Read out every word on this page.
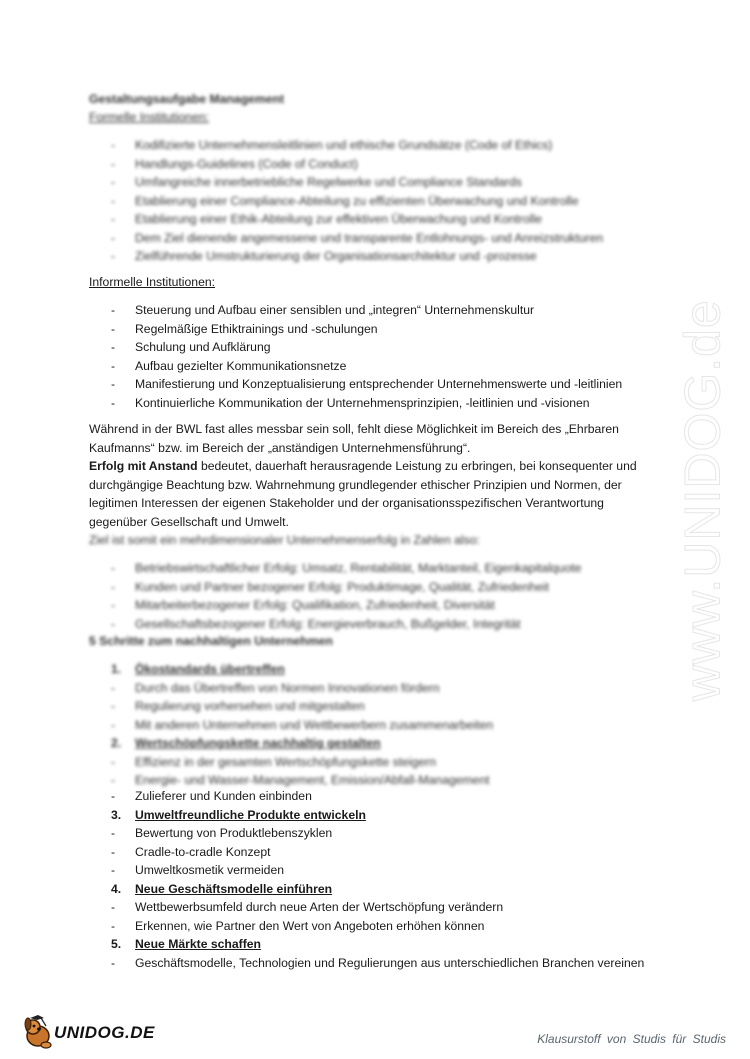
www.UNIDOG.de
Gestaltungsaufgabe Management
Formelle Institutionen:
- Kodifizierte Unternehmensleitlinien und ethische Grundsätze (Code of Ethics)
- Handlungs-Guidelines (Code of Conduct)
- Umfangreiche innerbetriebliche Regelwerke und Compliance Standards
- Etablierung einer Compliance-Abteilung zu effizienten Überwachung und Kontrolle
- Etablierung einer Ethik-Abteilung zur effektiven Überwachung und Kontrolle
- Dem Ziel dienende angemessene und transparente Entlohnungs- und Anreizstrukturen
- Zielführende Umstrukturierung der Organisationsarchitektur und -prozesse
Informelle Institutionen:
- Steuerung und Aufbau einer sensiblen und „integren“ Unternehmenskultur
- Regelmäßige Ethiktrainings und -schulungen
- Schulung und Aufklärung
- Aufbau gezielter Kommunikationsnetze
- Manifestierung und Konzeptualisierung entsprechender Unternehmenswerte und -leitlinien
- Kontinuierliche Kommunikation der Unternehmensprinzipien, -leitlinien und -visionen

Während in der BWL fast alles messbar sein soll, fehlt diese Möglichkeit im Bereich des „Ehrbaren Kaufmanns“ bzw. im Bereich der „anständigen Unternehmensführung“.

Erfolg mit Anstand bedeutet, dauerhaft herausragende Leistung zu erbringen, bei konsequenter und durchgängige Beachtung bzw. Wahrnehmung grundlegender ethischer Prinzipien und Normen, der legitimen Interessen der eigenen Stakeholder und der organisationsspezifischen Verantwortung gegenüber Gesellschaft und Umwelt.

Ziel ist somit ein mehrdimensionaler Unternehmenserfolg in Zahlen also:
- Betriebswirtschaftlicher Erfolg: Umsatz, Rentabilität, Marktanteil, Eigenkapitalquote
- Kunden und Partner bezogener Erfolg: Produktimage, Qualität, Zufriedenheit
- Mitarbeiterbezogener Erfolg: Qualifikation, Zufriedenheit, Diversität
- Gesellschaftsbezogener Erfolg: Energieverbrauch, Bußgelder, Integrität
5 Schritte zum nachhaltigen Unternehmen
1. Ökostandards übertreffen
- Durch das Übertreffen von Normen Innovationen fördern
- Regulierung vorhersehen und mitgestalten
- Mit anderen Unternehmen und Wettbewerbern zusammenarbeiten
2. Wertschöpfungskette nachhaltig gestalten
- Effizienz in der gesamten Wertschöpfungskette steigern
- Energie- und Wasser-Management, Emission/Abfall-Management
- Zulieferer und Kunden einbinden
3. Umweltfreundliche Produkte entwickeln
- Bewertung von Produktlebenszyklen
- Cradle-to-cradle Konzept
- Umweltkosmetik vermeiden
4. Neue Geschäftsmodelle einführen
- Wettbewerbsumfeld durch neue Arten der Wertschöpfung verändern
- Erkennen, wie Partner den Wert von Angeboten erhöhen können
5. Neue Märkte schaffen
- Geschäftsmodelle, Technologien und Regulierungen aus unterschiedlichen Branchen vereinen
UNIDOG.DE	Klausurstoff von Studis für Studis
